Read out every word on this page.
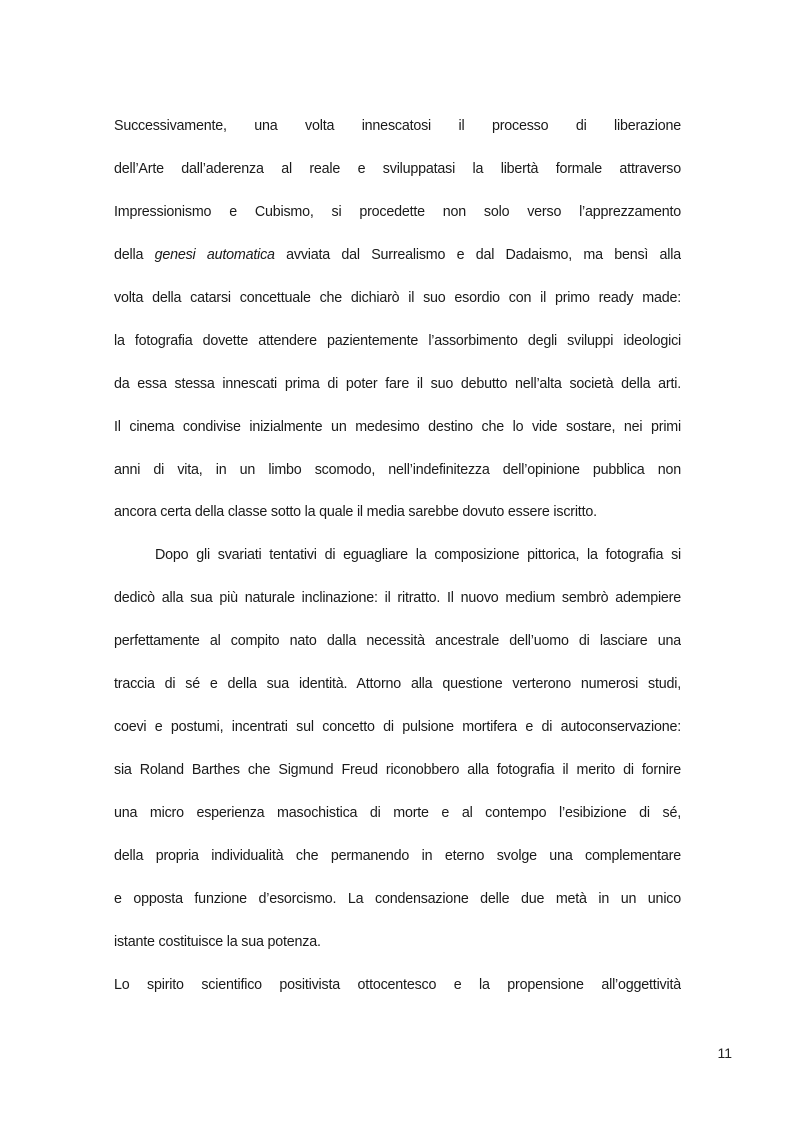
Successivamente, una volta innescatosi il processo di liberazione
dell’Arte dall’aderenza al reale e sviluppatasi la libertà formale attraverso
Impressionismo e Cubismo, si procedette non solo verso l’apprezzamento
della genesi automatica avviata dal Surrealismo e dal Dadaismo, ma bensì alla
volta della catarsi concettuale che dichiarò il suo esordio con il primo ready made:
la fotografia dovette attendere pazientemente l’assorbimento degli sviluppi ideologici
da essa stessa innescati prima di poter fare il suo debutto nell’alta società della arti.
Il cinema condivise inizialmente un medesimo destino che lo vide sostare, nei primi
anni di vita, in un limbo scomodo, nell’indefinitezza dell’opinione pubblica non
ancora certa della classe sotto la quale il media sarebbe dovuto essere iscritto.
Dopo gli svariati tentativi di eguagliare la composizione pittorica, la fotografia si
dedicò alla sua più naturale inclinazione: il ritratto. Il nuovo medium sembrò adempiere
perfettamente al compito nato dalla necessità ancestrale dell’uomo di lasciare una
traccia di sé e della sua identità. Attorno alla questione verterono numerosi studi,
coevi e postumi, incentrati sul concetto di pulsione mortifera e di autoconservazione:
sia Roland Barthes che Sigmund Freud riconobbero alla fotografia il merito di fornire
una micro esperienza masochistica di morte e al contempo l’esibizione di sé,
della propria individualità che permanendo in eterno svolge una complementare
e opposta funzione d’esorcismo. La condensazione delle due metà in un unico
istante costituisce la sua potenza.
Lo spirito scientifico positivista ottocentesco e la propensione all’oggettività
11
